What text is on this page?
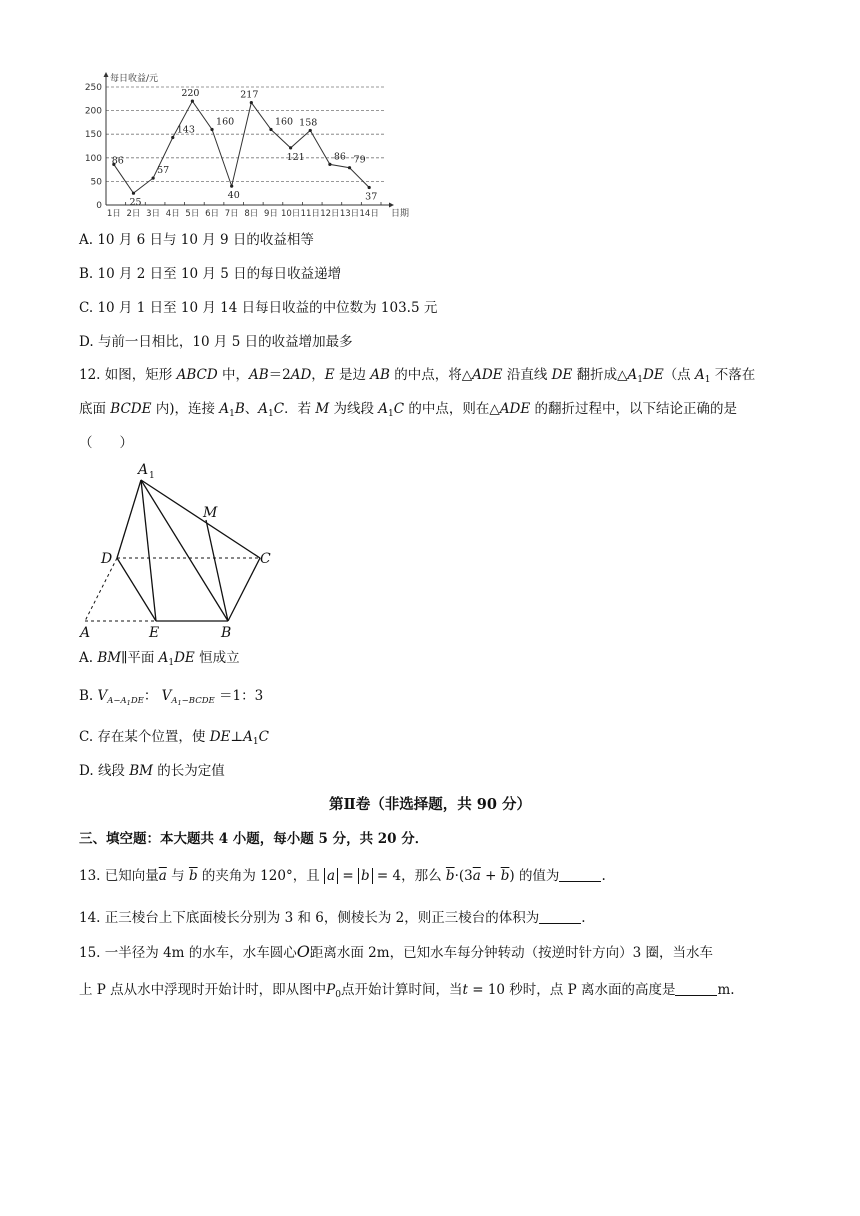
0
50
100
150
200
250
1日 2日 3日 4日 5日 6日 7日 8日 9日 10日 11日 12日 13日 14日
86
25
57
143
220
160
40
217
160
121
158
86 79
37
每日收益/元
日期
A. 10 月 6 日与 10 月 9 日的收益相等
B. 10 月 2 日至 10 月 5 日的每日收益递增
C. 10 月 1 日至 10 月 14 日每日收益的中位数为 103.5 元
D. 与前一日相比，10 月 5 日的收益增加最多
12. 如图，矩形 ABCD 中，AB＝2AD，E 是边 AB 的中点，将△ADE 沿直线 DE 翻折成$\triangle A_1DE$（点 $A_1$ 不落在
底面 BCDE 内)，连接 $A_1B$、$A_1C$．若 M 为线段 $A_1C$ 的中点，则在△ADE 的翻折过程中，以下结论正确的是
（　　）
A 1
M
D	C
A	E	B
A. BM∥平面 $A_1DE$ 恒成立
B. $V_{A-A1DE}$： $V_{A1-BCDE} =1$：3
C. 存在某个位置，使 $DE\perp A_1C$
D. 线段 BM 的长为定值
第Ⅱ卷（非选择题，共 90 分）
三、填空题：本大题共 4 小题，每小题 5 分，共 20 分．
13. 已知向量$\overline{a}$ 与 $\overline{b}$ 的夹角为 120°，且 a = b = 4，那么 $\overline{b}\cdot(3\overline{a} + \overline{b})$ 的值为	.
14. 正三棱台上下底面棱长分别为 3 和 6，侧棱长为 2，则正三棱台的体积为	.
15. 一半径为 4m 的水车，水车圆心O距离水面 2m，已知水车每分钟转动（按逆时针方向）3 圈，当水车
上 P 点从水中浮现时开始计时，即从图中$P_0$点开始计算时间，当t = 10 秒时，点 P 离水面的高度是	m.
